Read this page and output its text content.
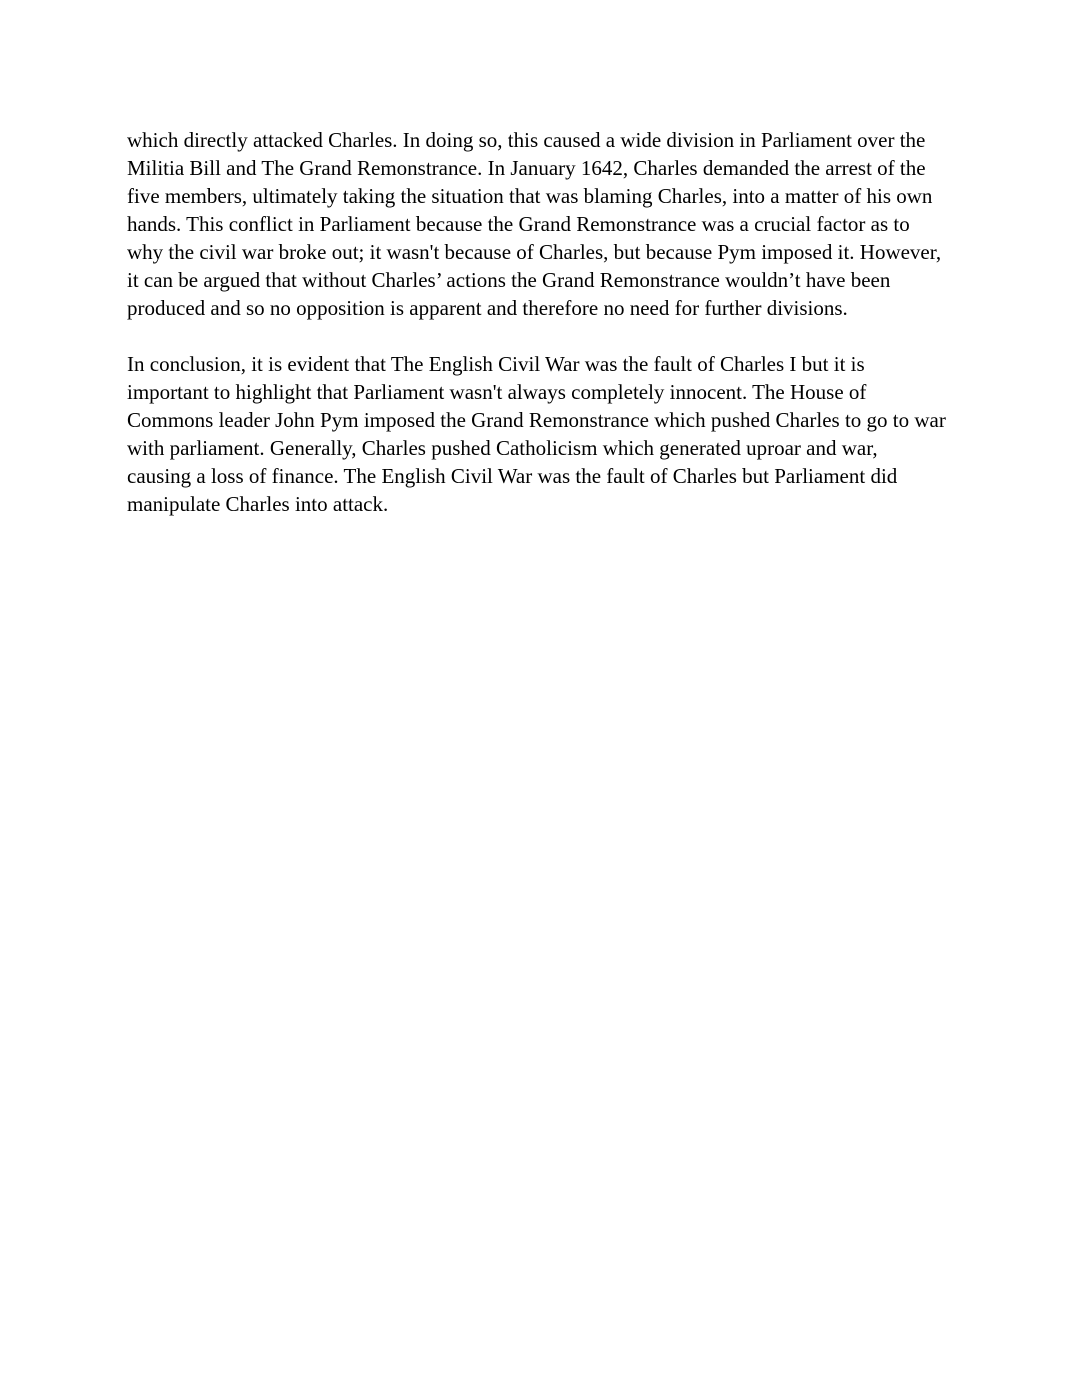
which directly attacked Charles. In doing so, this caused a wide division in Parliament over the
Militia Bill and The Grand Remonstrance. In January 1642, Charles demanded the arrest of the
five members, ultimately taking the situation that was blaming Charles, into a matter of his own
hands. This conflict in Parliament because the Grand Remonstrance was a crucial factor as to
why the civil war broke out; it wasn't because of Charles, but because Pym imposed it. However,
it can be argued that without Charles’ actions the Grand Remonstrance wouldn’t have been
produced and so no opposition is apparent and therefore no need for further divisions.

In conclusion, it is evident that The English Civil War was the fault of Charles I but it is
important to highlight that Parliament wasn't always completely innocent. The House of
Commons leader John Pym imposed the Grand Remonstrance which pushed Charles to go to war
with parliament. Generally, Charles pushed Catholicism which generated uproar and war,
causing a loss of finance. The English Civil War was the fault of Charles but Parliament did
manipulate Charles into attack.
